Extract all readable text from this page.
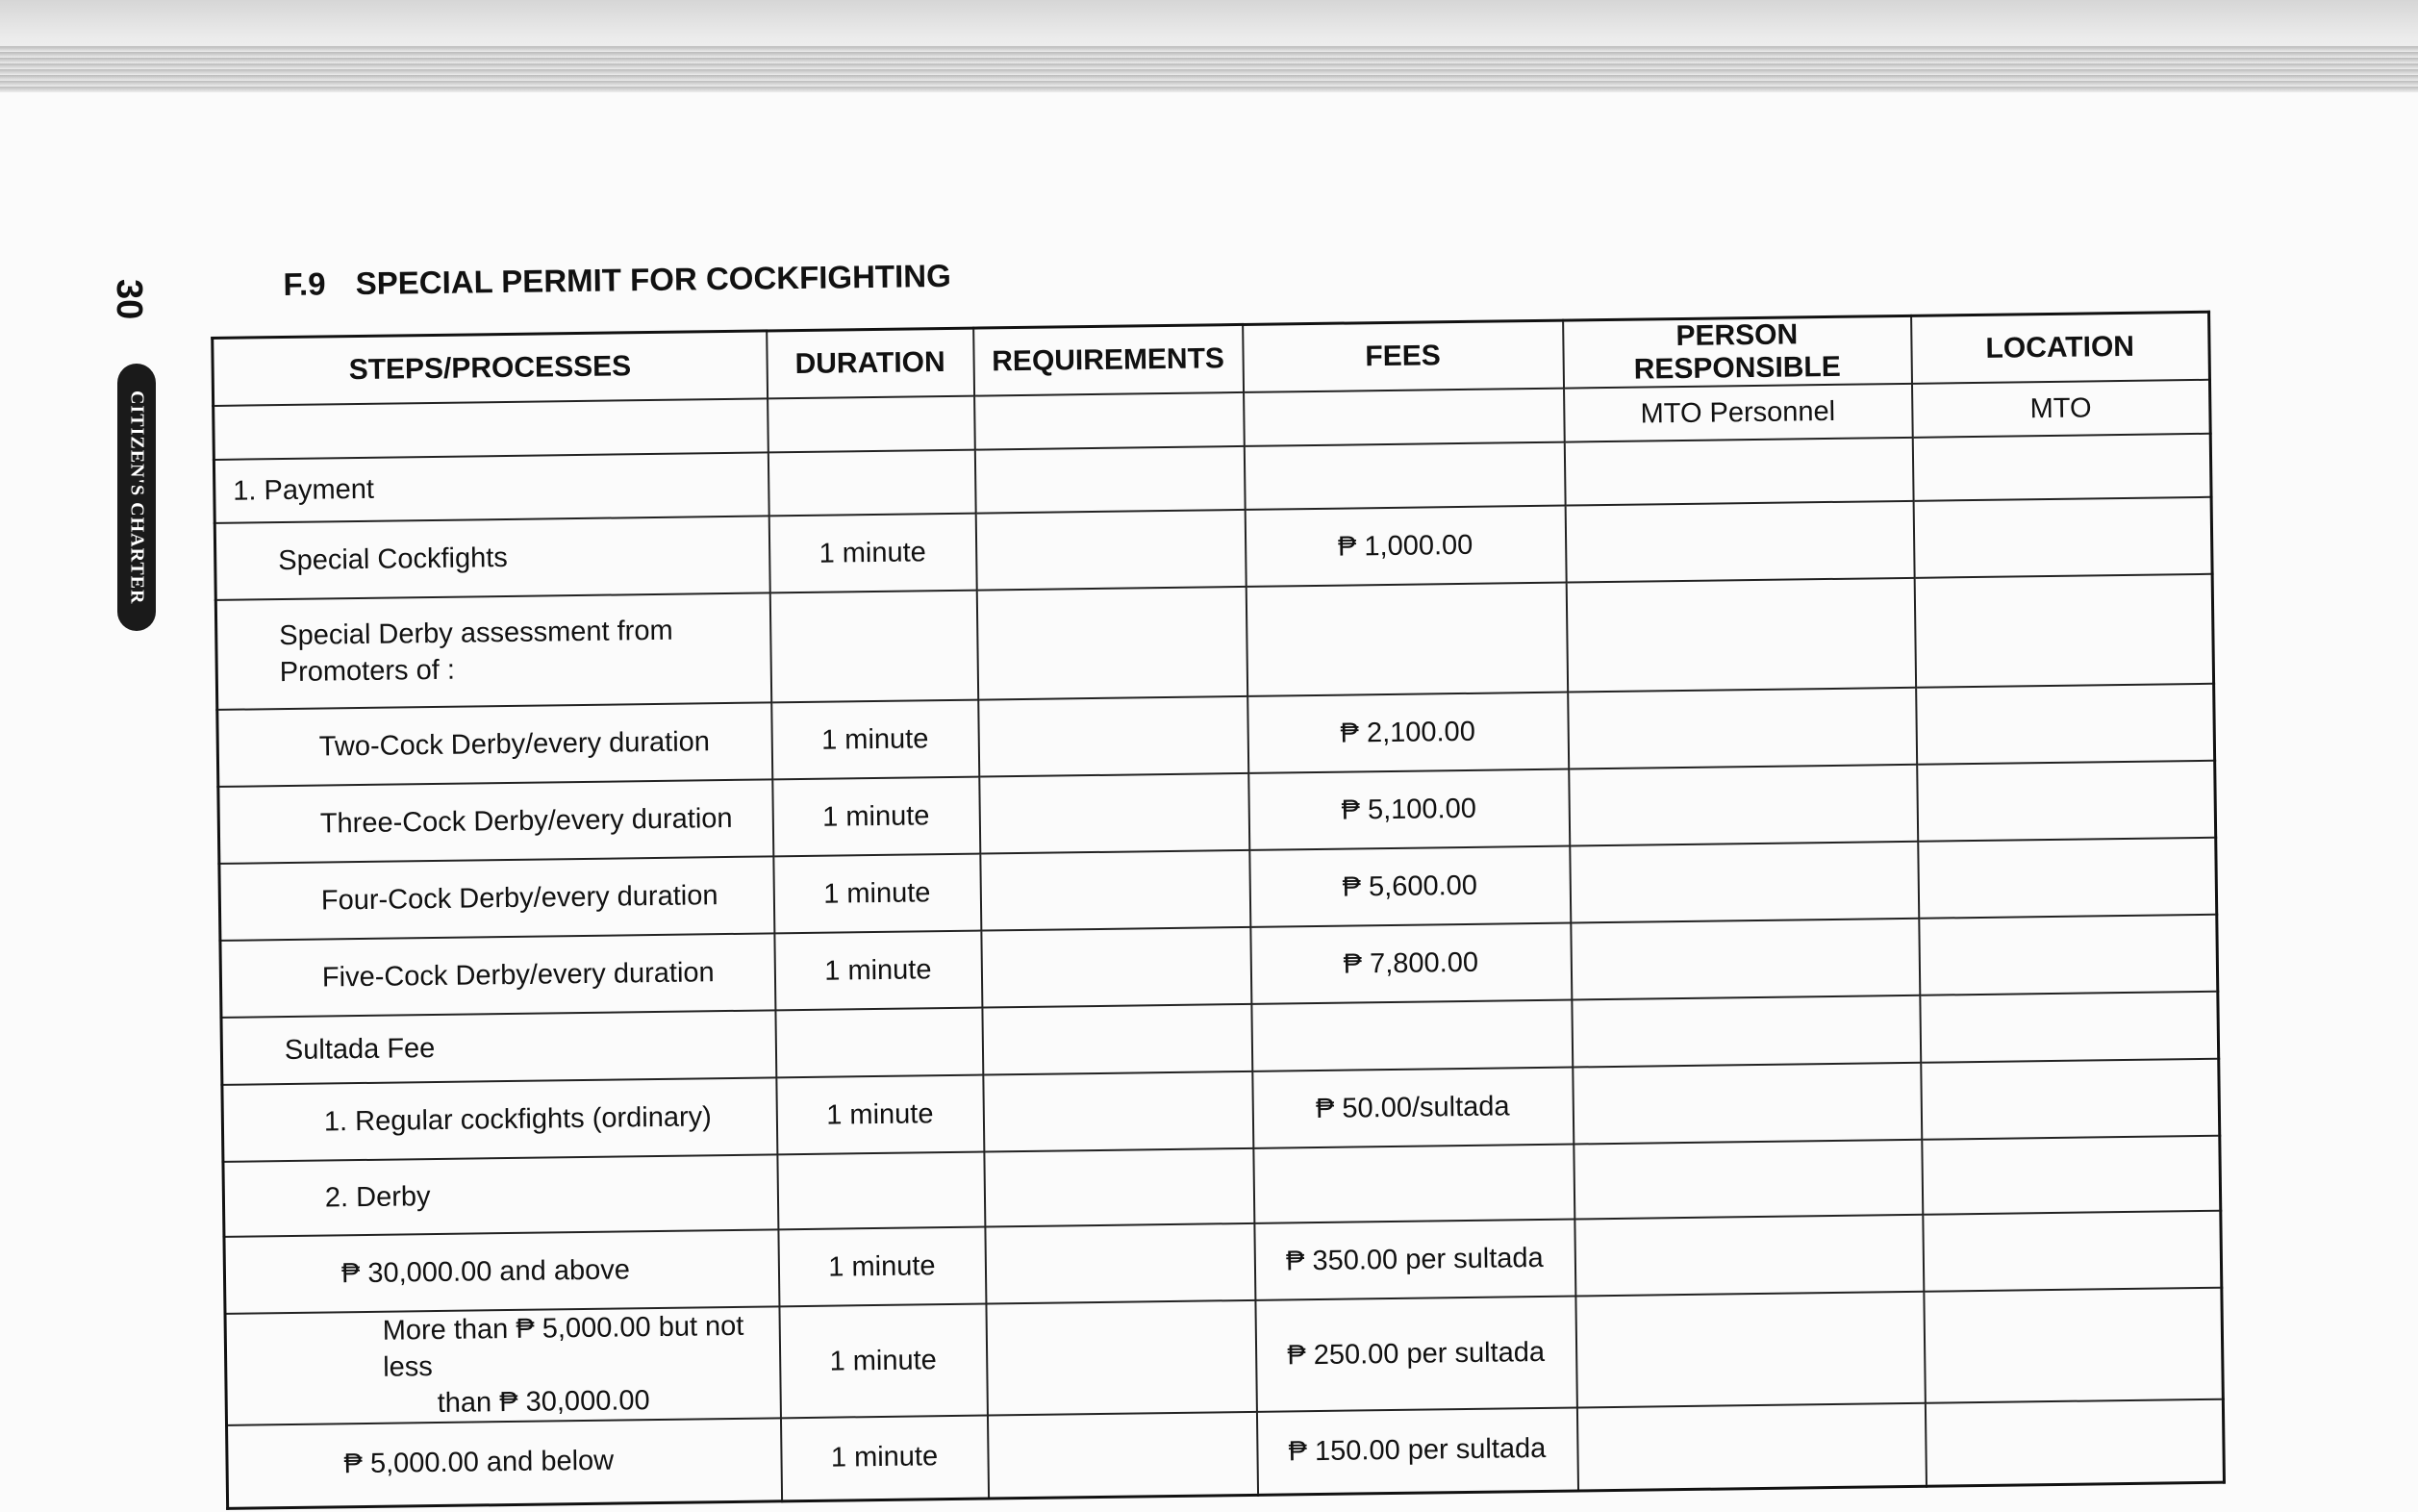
30
CITIZEN'S CHARTER
F.9 SPECIAL PERMIT FOR COCKFIGHTING
STEPS/PROCESSES	DURATION	REQUIREMENTS	FEES	PERSON RESPONSIBLE	LOCATION
				MTO Personnel	MTO
1. Payment					
Special Cockfights	1 minute		₱ 1,000.00		

Special Derby assessment from
Promoters of :					

Two-Cock Derby/every duration	1 minute		₱ 2,100.00		
Three-Cock Derby/every duration	1 minute		₱ 5,100.00		
Four-Cock Derby/every duration	1 minute		₱ 5,600.00		
Five-Cock Derby/every duration	1 minute		₱ 7,800.00		
Sultada Fee					
1. Regular cockfights (ordinary)	1 minute		₱ 50.00/sultada		
2. Derby					
₱ 30,000.00 and above	1 minute		₱ 350.00 per sultada		

More than ₱ 5,000.00 but not less
than ₱ 30,000.00	1 minute		₱ 250.00 per sultada		
₱ 5,000.00 and below	1 minute		₱ 150.00 per sultada		
